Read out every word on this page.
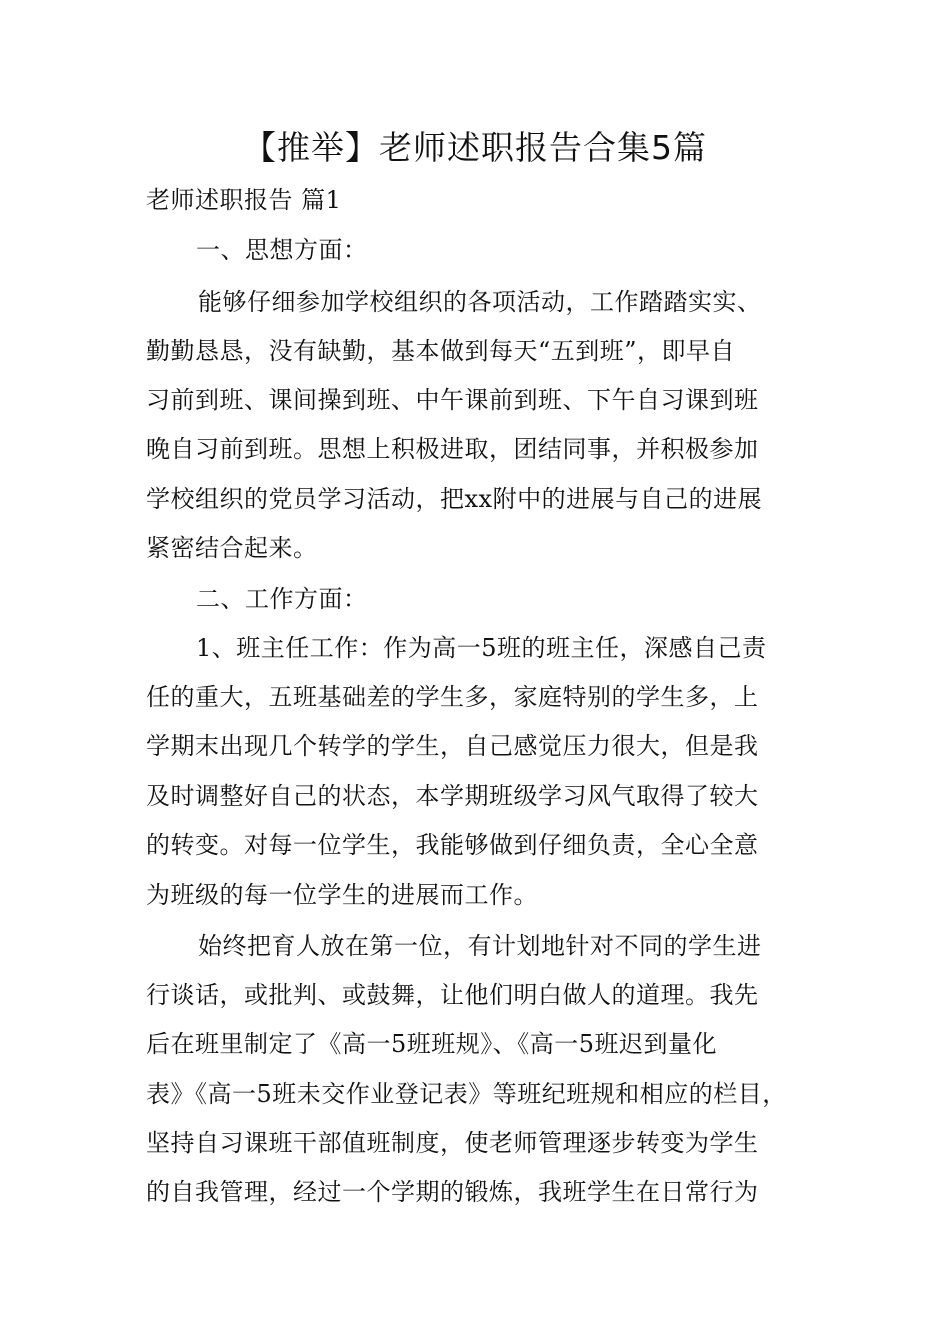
【推举】老师述职报告合集5篇
老师述职报告 篇1
一、思想方面：
能够仔细参加学校组织的各项活动，工作踏踏实实、
勤勤恳恳，没有缺勤，基本做到每天“五到班”，即早自
习前到班、课间操到班、中午课前到班、下午自习课到班
晚自习前到班。思想上积极进取，团结同事，并积极参加
学校组织的党员学习活动，把xx附中的进展与自己的进展
紧密结合起来。
二、工作方面：
1、班主任工作：作为高一5班的班主任，深感自己责
任的重大，五班基础差的学生多，家庭特别的学生多，上
学期末出现几个转学的学生，自己感觉压力很大，但是我
及时调整好自己的状态，本学期班级学习风气取得了较大
的转变。对每一位学生，我能够做到仔细负责，全心全意
为班级的每一位学生的进展而工作。
始终把育人放在第一位，有计划地针对不同的学生进
行谈话，或批判、或鼓舞，让他们明白做人的道理。我先
后在班里制定了《高一5班班规》、《高一5班迟到量化
表》《高一5班未交作业登记表》等班纪班规和相应的栏目，
坚持自习课班干部值班制度，使老师管理逐步转变为学生
的自我管理，经过一个学期的锻炼，我班学生在日常行为
